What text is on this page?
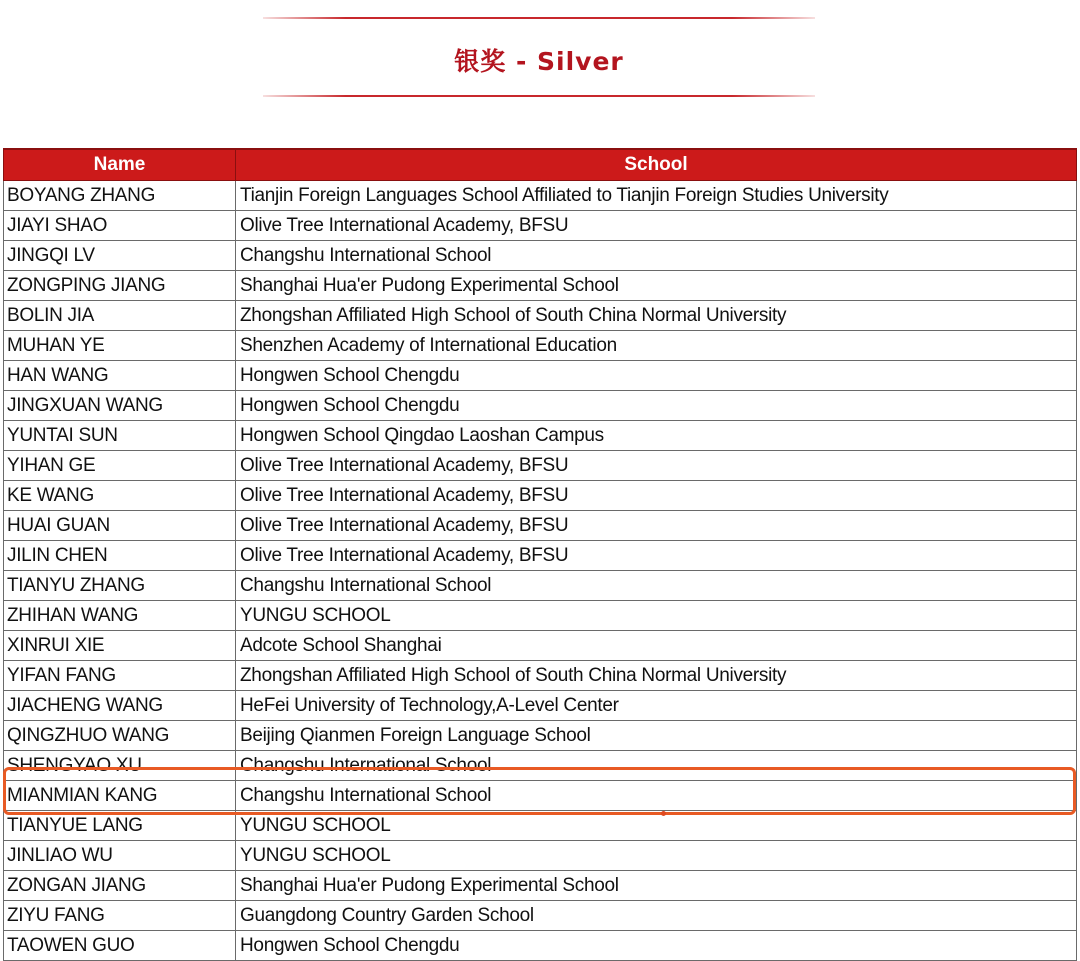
银奖 - Silver
Name	School
BOYANG ZHANG	Tianjin Foreign Languages School Affiliated to Tianjin Foreign Studies University
JIAYI SHAO	Olive Tree International Academy, BFSU
JINGQI LV	Changshu International School
ZONGPING JIANG	Shanghai Hua'er Pudong Experimental School
BOLIN JIA	Zhongshan Affiliated High School of South China Normal University
MUHAN YE	Shenzhen Academy of International Education
HAN WANG	Hongwen School Chengdu
JINGXUAN WANG	Hongwen School Chengdu
YUNTAI SUN	Hongwen School Qingdao Laoshan Campus
YIHAN GE	Olive Tree International Academy, BFSU
KE WANG	Olive Tree International Academy, BFSU
HUAI GUAN	Olive Tree International Academy, BFSU
JILIN CHEN	Olive Tree International Academy, BFSU
TIANYU ZHANG	Changshu International School
ZHIHAN WANG	YUNGU SCHOOL
XINRUI XIE	Adcote School Shanghai
YIFAN FANG	Zhongshan Affiliated High School of South China Normal University
JIACHENG WANG	HeFei University of Technology,A-Level Center
QINGZHUO WANG	Beijing Qianmen Foreign Language School
SHENGYAO XU	Changshu International School
MIANMIAN KANG	Changshu International School
TIANYUE LANG	YUNGU SCHOOL
JINLIAO WU	YUNGU SCHOOL
ZONGAN JIANG	Shanghai Hua'er Pudong Experimental School
ZIYU FANG	Guangdong Country Garden School
TAOWEN GUO	Hongwen School Chengdu
